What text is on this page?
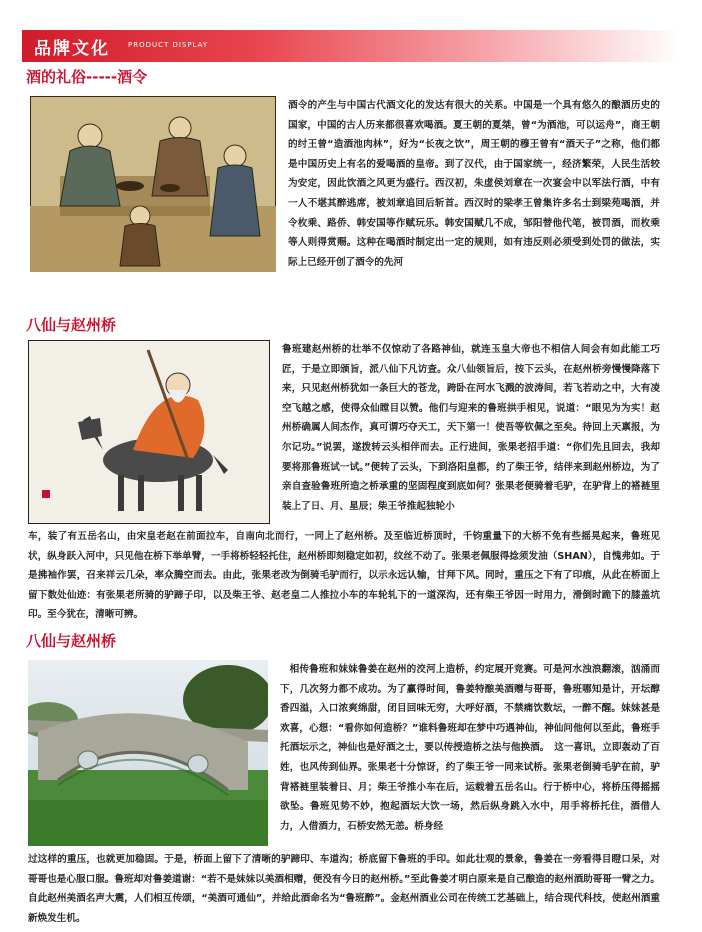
品牌文化	PRODUCT DISPLAY
酒的礼俗-----酒令
酒令的产生与中国古代酒文化的发达有很大的关系。中国是一个具有悠久的酿酒历史的国家，中国的古人历来都很喜欢喝酒。夏王朝的夏桀，曾“为酒池，可以运舟”，商王朝的纣王曾“造酒池肉林”，好为“长夜之饮”，周王朝的穆王曾有“酒天子”之称，他们都是中国历史上有名的爱喝酒的皇帝。到了汉代，由于国家统一，经济繁荣，人民生活较为安定，因此饮酒之风更为盛行。西汉初，朱虚侯刘章在一次宴会中以军法行酒，中有一人不堪其醉逃席，被刘章追回后斩首。西汉时的梁孝王曾集许多名士到梁苑喝酒，并令枚乘、路侨、韩安国等作赋玩乐。韩安国赋几不成，邹阳替他代笔，被罚酒，而枚乘等人则得赏赐。这种在喝酒时制定出一定的规则，如有违反则必须受到处罚的做法，实际上已经开创了酒令的先河
八仙与赵州桥
鲁班建赵州桥的壮举不仅惊动了各路神仙，就连玉皇大帝也不相信人间会有如此能工巧匠，于是立即颁旨，派八仙下凡访查。众八仙领旨后，按下云头，在赵州桥旁慢慢降落下来，只见赵州桥犹如一条巨大的苍龙，跨卧在河水飞溅的波涛间，若飞若动之中，大有凌空飞越之感，使得众仙瞠目以赞。他们与迎来的鲁班拱手相见，说道：“眼见为为实！赵州桥确属人间杰作，真可谓巧夺天工，天下第一！使吾等钦佩之至矣。待回上天禀报，为尔记功。”说罢，遂拨转云头相伴而去。正行进间，张果老招手道：“你们先且回去，我却要将那鲁班试一试。”便转了云头，下到洛阳皇都，约了柴王爷，结伴来到赵州桥边，为了亲自查验鲁班所造之桥承重的坚固程度到底如何？张果老便骑着毛驴，在驴背上的褡裢里装上了日、月、星辰；柴王爷推起独轮小
车，装了有五岳名山，由宋皇老赵在前面拉车，自南向北而行，一同上了赵州桥。及至临近桥顶时，千钧重量下的大桥不免有些摇晃起来，鲁班见状，纵身跃入河中，只见他在桥下举单臂，一手将桥轻轻托住，赵州桥即刻稳定如初，纹丝不动了。张果老佩服得捻须发油（SHAN），自愧弗如。于是拂袖作罢，召来祥云几朵，率众腾空而去。由此，张果老改为倒骑毛驴而行，以示永远认输，甘拜下风。同时，重压之下有了印痕，从此在桥面上留下数处仙迹：有张果老所骑的驴蹄子印，以及柴王爷、赵老皇二人推拉小车的车轮轧下的一道深沟，还有柴王爷因一时用力，滑倒时跪下的膝盖坑印。至今犹在，清晰可辨。
八仙与赵州桥
相传鲁班和妹妹鲁姜在赵州的洨河上造桥，约定展开竞赛。可是河水浊浪翻滚，汹涌而下，几次努力都不成功。为了赢得时间，鲁姜特酿美酒赠与哥哥，鲁班哪知是计，开坛醇香四溢，入口浓爽绵甜，闭目回味无穷，大呼好酒，不禁痛饮数坛，一醉不醒。妹妹甚是欢喜，心想：“看你如何造桥？”谁料鲁班却在梦中巧遇神仙，神仙问他何以至此，鲁班手托酒坛示之，神仙也是好酒之士，要以传授造桥之法与他换酒。　这一喜讯，立即轰动了百姓，也风传到仙界。张果老十分惊讶，约了柴王爷一同来试桥。张果老倒骑毛驴在前，驴背褡裢里装着日、月；柴王爷推小车在后，运载着五岳名山。行于桥中心，将桥压得摇摇欲坠。鲁班见势不妙，抱起酒坛大饮一场，然后纵身跳入水中，用手将桥托住，酒借人力，人借酒力，石桥安然无恙。桥身经
过这样的重压，也就更加稳固。于是，桥面上留下了清晰的驴蹄印、车道沟；桥底留下鲁班的手印。如此壮观的景象，鲁姜在一旁看得目瞪口呆，对哥哥也是心服口服。鲁班却对鲁姜道谢：“若不是妹妹以美酒相赠，便没有今日的赵州桥。”至此鲁姜才明白原来是自己酿造的赵州酒助哥哥一臂之力。自此赵州美酒名声大震，人们相互传颂，“美酒可通仙”，并给此酒命名为“鲁班醉”。金赵州酒业公司在传统工艺基础上，结合现代科技，使赵州酒重新焕发生机。
